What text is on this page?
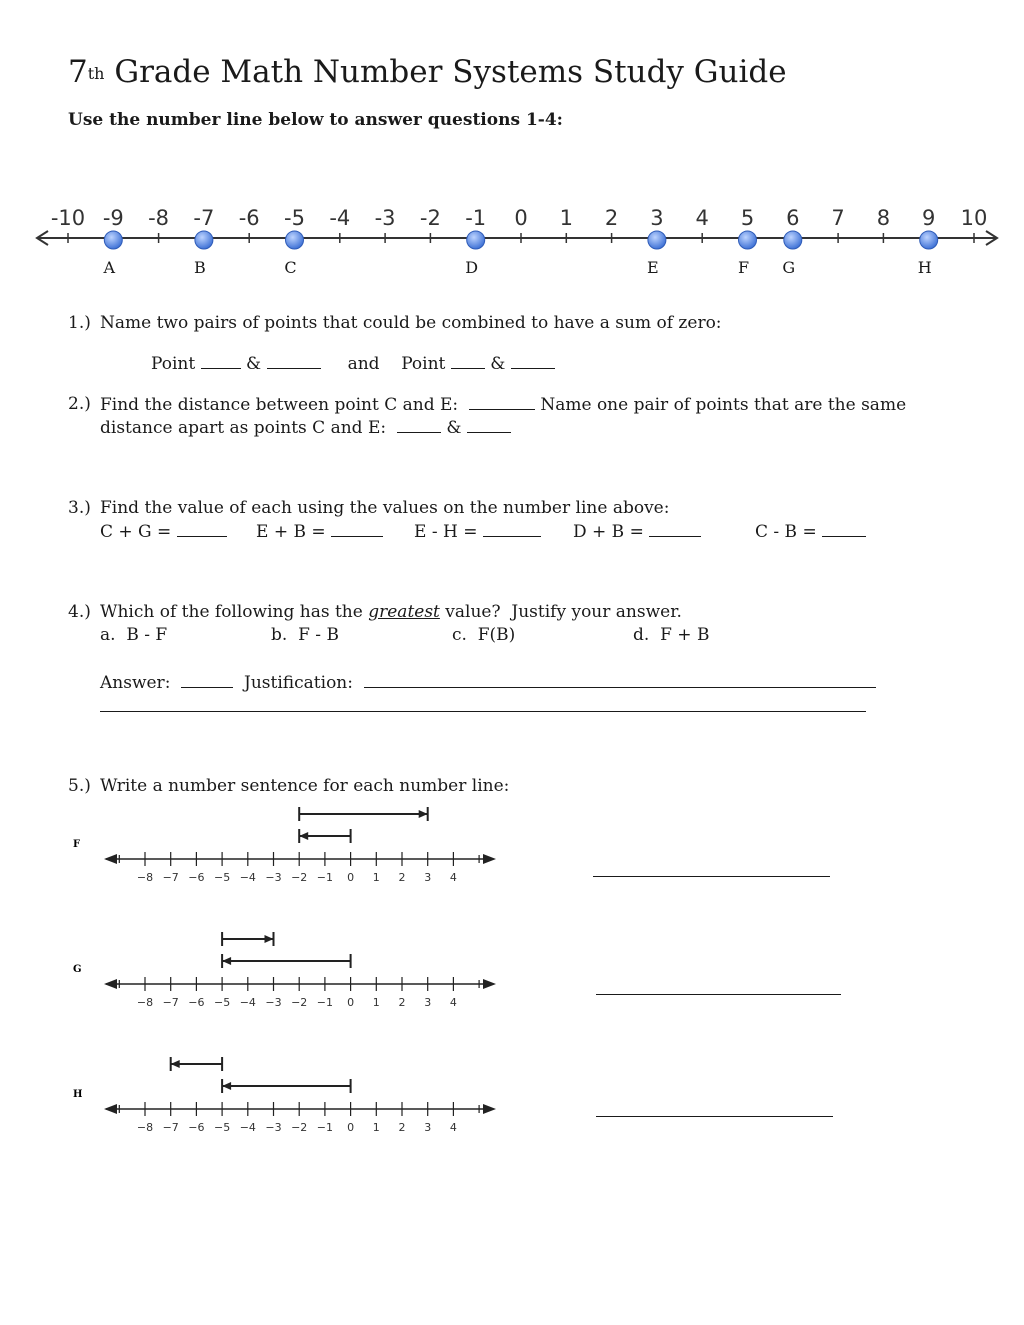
7th Grade Math Number Systems Study Guide
Use the number line below to answer questions 1-4:
-10 -9 -8 -7 -6 -5 -4 -3 -2 -1 0 1 2 3 4 5 6 7 8 9 10
A	B	C	D	E	F G	H
1.) Name two pairs of points that could be combined to have a sum of zero:
Point	&	and Point	&
2.) Find the distance between point C and E:	Name one pair of points that are the same
distance apart as points C and E:	&
3.) Find the value of each using the values on the number line above:
C + G =	E + B =	E - H =	D + B =	C - B =
4.) Which of the following has the greatest value?  Justify your answer.
a.  B - F	b.  F - B	c.  F(B)	d.  F + B
Answer:	Justification:
5.) Write a number sentence for each number line:
F
−8 −7 −6 −5 −4 −3 −2 −1 0 1 2 3 4
G
−8 −7 −6 −5 −4 −3 −2 −1 0 1 2 3 4
H
−8 −7 −6 −5 −4 −3 −2 −1 0 1 2 3 4
